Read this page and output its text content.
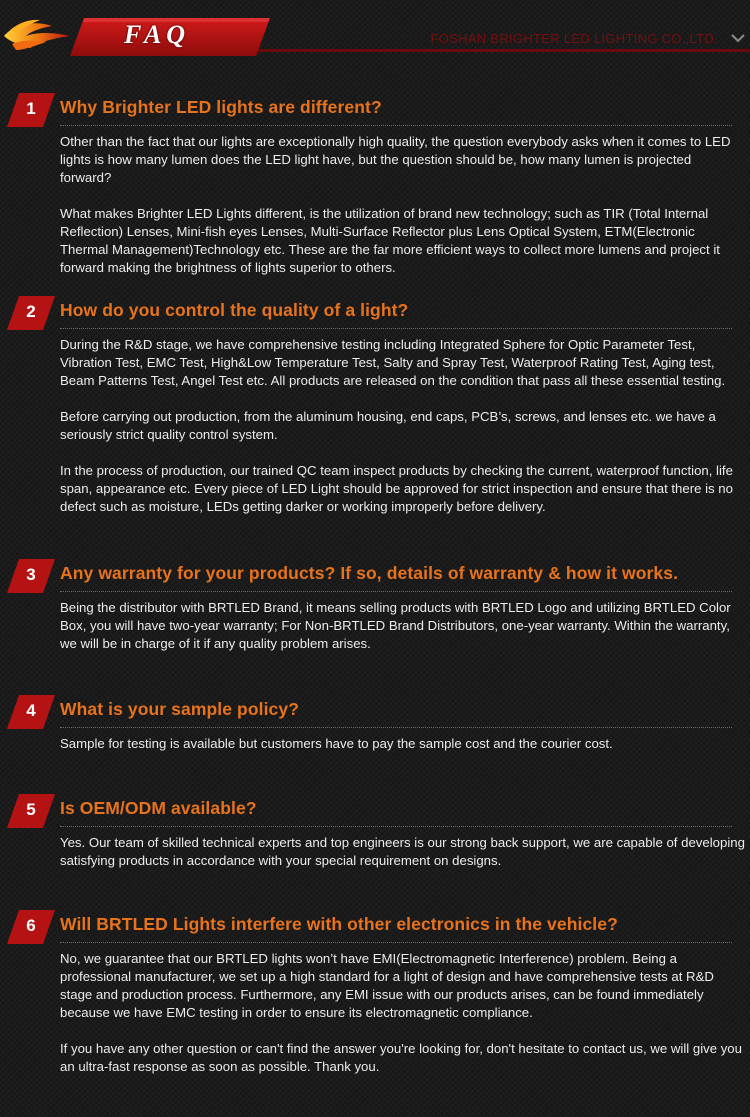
FAQ	FOSHAN BRIGHTER LED LIGHTING CO.,LTD.
1	Why Brighter LED lights are different?

Other than the fact that our lights are exceptionally high quality, the question everybody asks when it comes to LED lights is how many lumen does the LED light have, but the question should be, how many lumen is projected forward?

What makes Brighter LED Lights different, is the utilization of brand new technology; such as TIR (Total Internal Reflection) Lenses, Mini-fish eyes Lenses, Multi-Surface Reflector plus Lens Optical System, ETM(Electronic Thermal Management)Technology etc. These are the far more efficient ways to collect more lumens and project it forward making the brightness of lights superior to others.

2	How do you control the quality of a light?

During the R&D stage, we have comprehensive testing including Integrated Sphere for Optic Parameter Test, Vibration Test, EMC Test, High&Low Temperature Test, Salty and Spray Test, Waterproof Rating Test, Aging test, Beam Patterns Test, Angel Test etc. All products are released on the condition that pass all these essential testing.

Before carrying out production, from the aluminum housing, end caps, PCB’s, screws, and lenses etc. we have a seriously strict quality control system.

In the process of production, our trained QC team inspect products by checking the current, waterproof function, life span, appearance etc. Every piece of LED Light should be approved for strict inspection and ensure that there is no defect such as moisture, LEDs getting darker or working improperly before delivery.

3	Any warranty for your products? If so, details of warranty & how it works.

Being the distributor with BRTLED Brand, it means selling products with BRTLED Logo and utilizing BRTLED Color Box, you will have two-year warranty; For Non-BRTLED Brand Distributors, one-year warranty. Within the warranty, we will be in charge of it if any quality problem arises.

4	What is your sample policy?

Sample for testing is available but customers have to pay the sample cost and the courier cost.

5	Is OEM/ODM available?

Yes. Our team of skilled technical experts and top engineers is our strong back support, we are capable of developing satisfying products in accordance with your special requirement on designs.

6	Will BRTLED Lights interfere with other electronics in the vehicle?

No, we guarantee that our BRTLED lights won’t have EMI(Electromagnetic Interference) problem. Being a professional manufacturer, we set up a high standard for a light of design and have comprehensive tests at R&D stage and production process. Furthermore, any EMI issue with our products arises, can be found immediately because we have EMC testing in order to ensure its electromagnetic compliance.

If you have any other question or can't find the answer you're looking for, don't hesitate to contact us, we will give you an ultra-fast response as soon as possible. Thank you.
